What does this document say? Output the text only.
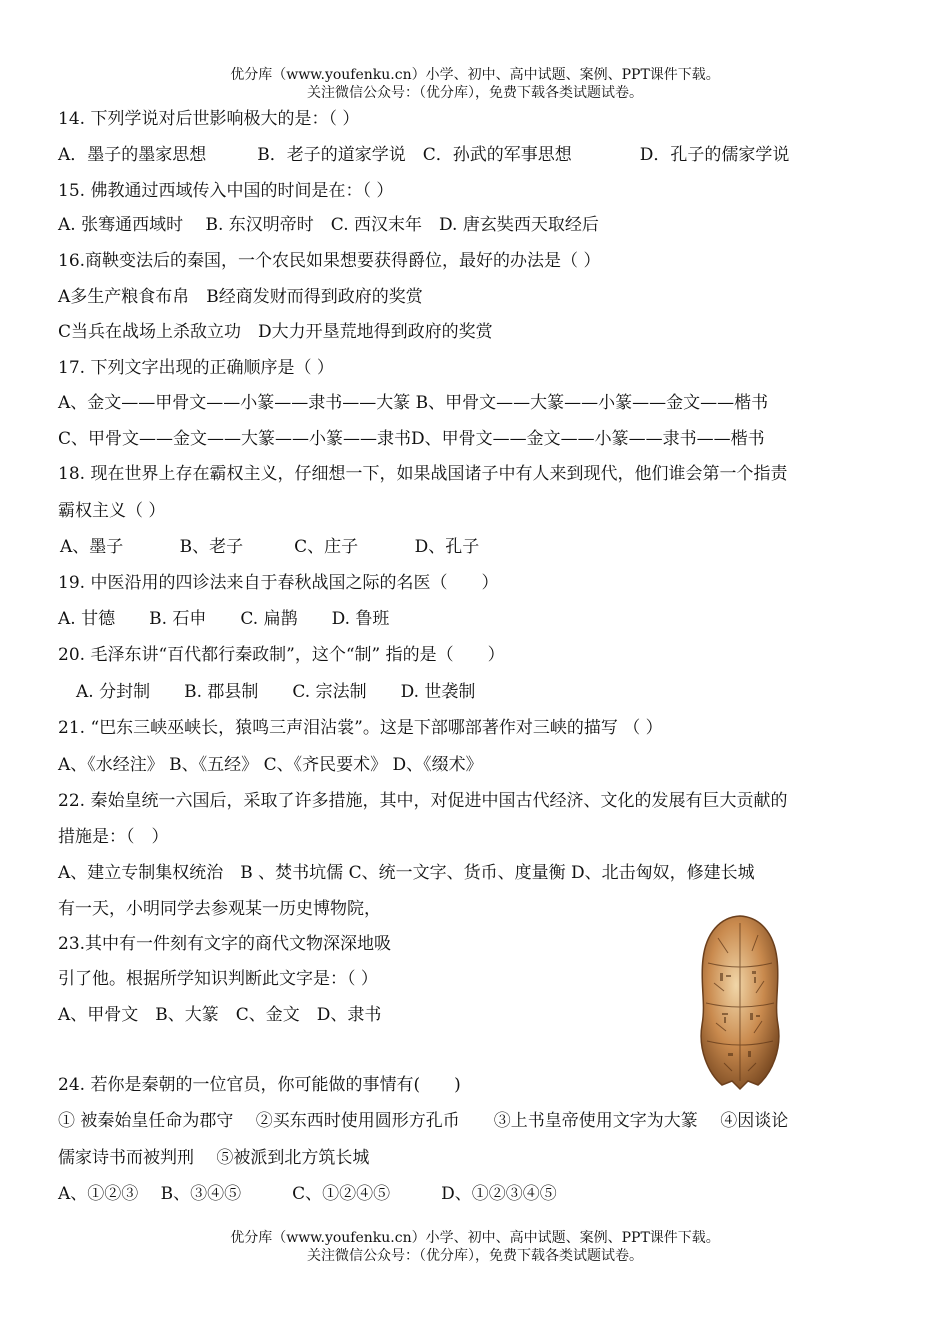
优分库（www.youfenku.cn）小学、初中、高中试题、案例、PPT课件下载。
关注微信公众号：（优分库），免费下载各类试题试卷。
14. 下列学说对后世影响极大的是：（ ）
A．墨子的墨家思想　　　B．老子的道家学说　C．孙武的军事思想　　　　D．孔子的儒家学说
15. 佛教通过西域传入中国的时间是在：（ ）
A. 张骞通西域时　 B. 东汉明帝时　C. 西汉末年　D. 唐玄奘西天取经后
16.商鞅变法后的秦国，一个农民如果想要获得爵位，最好的办法是（ ）
A多生产粮食布帛　B经商发财而得到政府的奖赏
C当兵在战场上杀敌立功　D大力开垦荒地得到政府的奖赏
17. 下列文字出现的正确顺序是（ ）
A、金文——甲骨文——小篆——隶书——大篆 B、甲骨文——大篆——小篆——金文——楷书
C、甲骨文——金文——大篆——小篆——隶书D、甲骨文——金文——小篆——隶书——楷书
18. 现在世界上存在霸权主义，仔细想一下，如果战国诸子中有人来到现代，他们谁会第一个指责
霸权主义（ ）
A、墨子　　　 B、老子　　　C、庄子　　　 D、孔子
19. 中医沿用的四诊法来自于春秋战国之际的名医（　　）
A. 甘德　　B. 石申　　C. 扁鹊　　D. 鲁班
20. 毛泽东讲“百代都行秦政制”，这个“制” 指的是（　　）
A. 分封制　　B. 郡县制　　C. 宗法制　　D. 世袭制
21. “巴东三峡巫峡长，猿鸣三声泪沾裳”。这是下部哪部著作对三峡的描写 （ ）
A、《水经注》 B、《五经》 C、《齐民要术》 D、《缀术》
22. 秦始皇统一六国后，采取了许多措施，其中，对促进中国古代经济、文化的发展有巨大贡献的
措施是：（　）
A、建立专制集权统治　B 、焚书坑儒 C、统一文字、货币、度量衡 D、北击匈奴，修建长城
有一天，小明同学去参观某一历史博物院，
23.其中有一件刻有文字的商代文物深深地吸
引了他。根据所学知识判断此文字是：（ ）
A、甲骨文　B、大篆　C、金文　D、隶书
24. 若你是秦朝的一位官员，你可能做的事情有(　　)
① 被秦始皇任命为郡守　 ②买东西时使用圆形方孔币　　③上书皇帝使用文字为大篆　 ④因谈论
儒家诗书而被判刑　 ⑤被派到北方筑长城
A、①②③　 B、③④⑤　　　C、①②④⑤　　　D、①②③④⑤
优分库（www.youfenku.cn）小学、初中、高中试题、案例、PPT课件下载。
关注微信公众号：（优分库），免费下载各类试题试卷。
